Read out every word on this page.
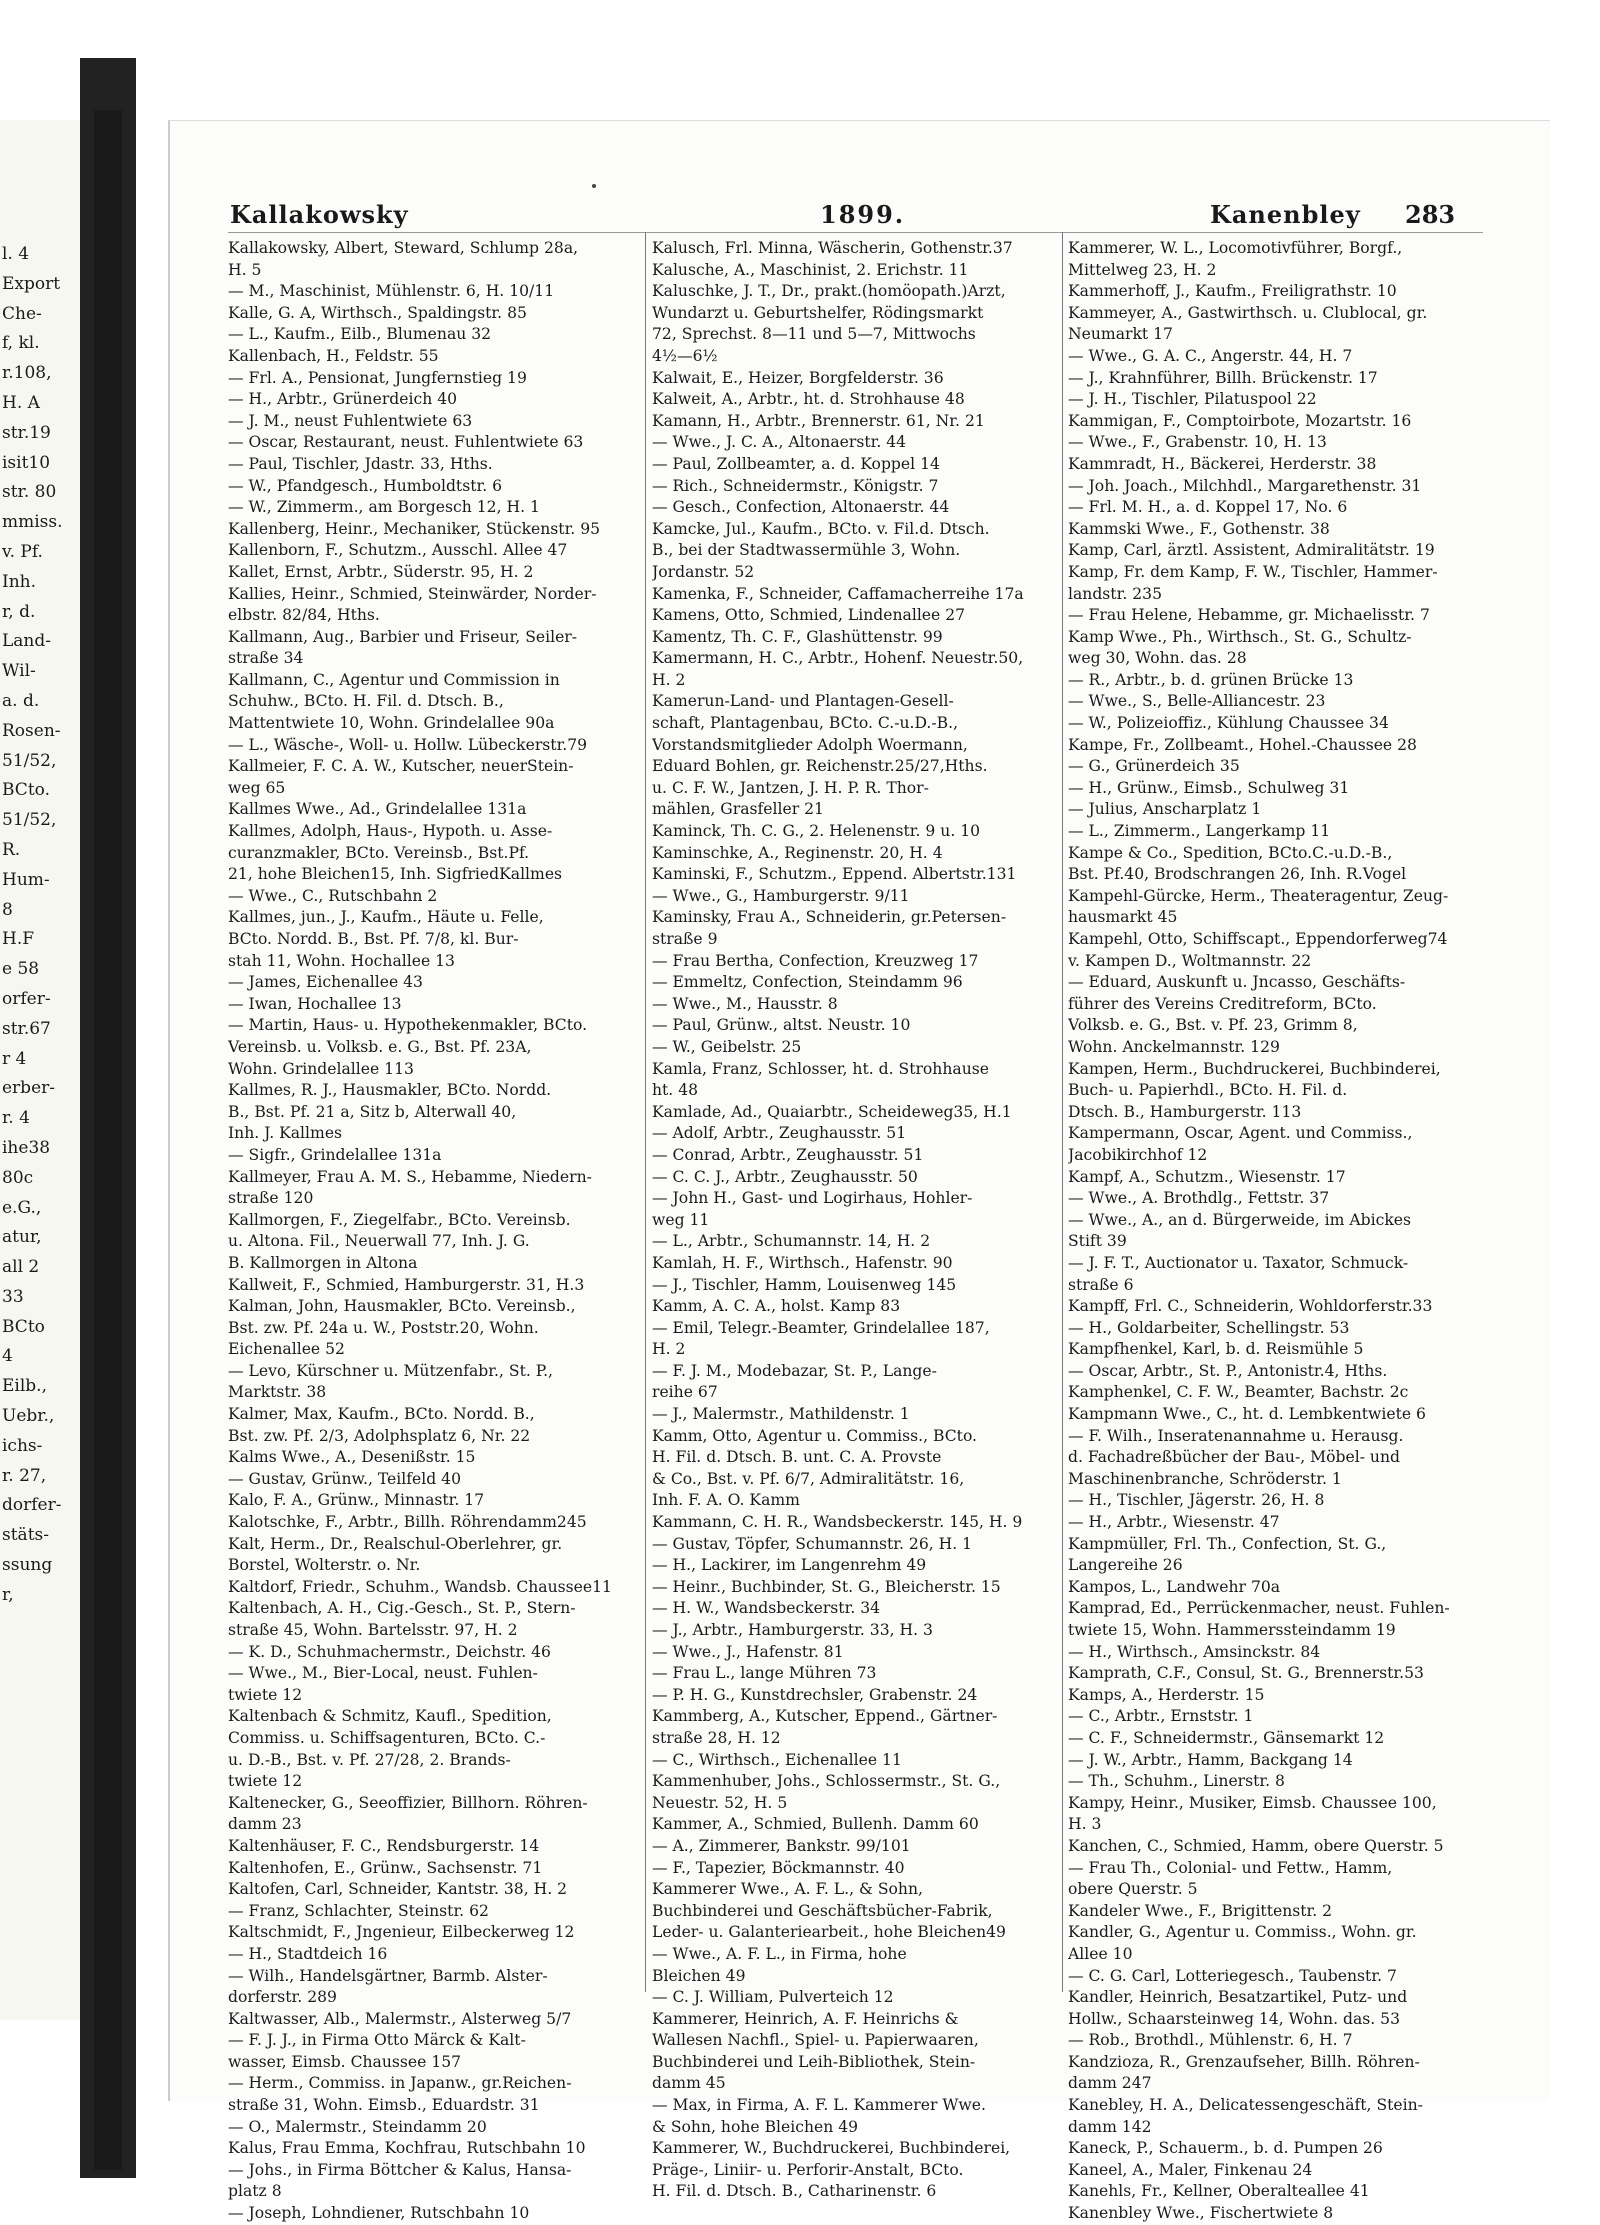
l. 4
Export
Che-
f, kl.
r.108,
H. A
str.19
isit10
str. 80
mmiss.
v. Pf.
Inh.
r, d.
Land-
Wil-
a. d.
Rosen-
51/52,
BCto.
51/52,
R.
Hum-
8
H.F
e 58
orfer-
str.67
r 4
erber-
r. 4
ihe38
80c
e.G.,
atur,
all 2
33
BCto
4
Eilb.,
Uebr.,
ichs-
r. 27,
dorfer-
stäts-
ssung
r,
Kallakowsky	1899.	Kanenbley 283
Kallakowsky, Albert, Steward, Schlump 28a,
H. 5
— M., Maschinist, Mühlenstr. 6, H. 10/11
Kalle, G. A, Wirthsch., Spaldingstr. 85
— L., Kaufm., Eilb., Blumenau 32
Kallenbach, H., Feldstr. 55
— Frl. A., Pensionat, Jungfernstieg 19
— H., Arbtr., Grünerdeich 40
— J. M., neust Fuhlentwiete 63
— Oscar, Restaurant, neust. Fuhlentwiete 63
— Paul, Tischler, Jdastr. 33, Hths.
— W., Pfandgesch., Humboldtstr. 6
— W., Zimmerm., am Borgesch 12, H. 1
Kallenberg, Heinr., Mechaniker, Stückenstr. 95
Kallenborn, F., Schutzm., Ausschl. Allee 47
Kallet, Ernst, Arbtr., Süderstr. 95, H. 2
Kallies, Heinr., Schmied, Steinwärder, Norder-
elbstr. 82/84, Hths.
Kallmann, Aug., Barbier und Friseur, Seiler-
straße 34
Kallmann, C., Agentur und Commission in
Schuhw., BCto. H. Fil. d. Dtsch. B.,
Mattentwiete 10, Wohn. Grindelallee 90a
— L., Wäsche-, Woll- u. Hollw. Lübeckerstr.79
Kallmeier, F. C. A. W., Kutscher, neuerStein-
weg 65
Kallmes Wwe., Ad., Grindelallee 131a
Kallmes, Adolph, Haus-, Hypoth. u. Asse-
curanzmakler, BCto. Vereinsb., Bst.Pf.
21, hohe Bleichen15, Inh. SigfriedKallmes
— Wwe., C., Rutschbahn 2
Kallmes, jun., J., Kaufm., Häute u. Felle,
BCto. Nordd. B., Bst. Pf. 7/8, kl. Bur-
stah 11, Wohn. Hochallee 13
— James, Eichenallee 43
— Iwan, Hochallee 13
— Martin, Haus- u. Hypothekenmakler, BCto.
Vereinsb. u. Volksb. e. G., Bst. Pf. 23A,
Wohn. Grindelallee 113
Kallmes, R. J., Hausmakler, BCto. Nordd.
B., Bst. Pf. 21 a, Sitz b, Alterwall 40,
Inh. J. Kallmes
— Sigfr., Grindelallee 131a
Kallmeyer, Frau A. M. S., Hebamme, Niedern-
straße 120
Kallmorgen, F., Ziegelfabr., BCto. Vereinsb.
u. Altona. Fil., Neuerwall 77, Inh. J. G.
B. Kallmorgen in Altona
Kallweit, F., Schmied, Hamburgerstr. 31, H.3
Kalman, John, Hausmakler, BCto. Vereinsb.,
Bst. zw. Pf. 24a u. W., Poststr.20, Wohn.
Eichenallee 52
— Levo, Kürschner u. Mützenfabr., St. P.,
Marktstr. 38
Kalmer, Max, Kaufm., BCto. Nordd. B.,
Bst. zw. Pf. 2/3, Adolphsplatz 6, Nr. 22
Kalms Wwe., A., Desenißstr. 15
— Gustav, Grünw., Teilfeld 40
Kalo, F. A., Grünw., Minnastr. 17
Kalotschke, F., Arbtr., Billh. Röhrendamm245
Kalt, Herm., Dr., Realschul-Oberlehrer, gr.
Borstel, Wolterstr. o. Nr.
Kaltdorf, Friedr., Schuhm., Wandsb. Chaussee11
Kaltenbach, A. H., Cig.-Gesch., St. P., Stern-
straße 45, Wohn. Bartelsstr. 97, H. 2
— K. D., Schuhmachermstr., Deichstr. 46
— Wwe., M., Bier-Local, neust. Fuhlen-
twiete 12
Kaltenbach & Schmitz, Kaufl., Spedition,
Commiss. u. Schiffsagenturen, BCto. C.-
u. D.-B., Bst. v. Pf. 27/28, 2. Brands-
twiete 12
Kaltenecker, G., Seeoffizier, Billhorn. Röhren-
damm 23
Kaltenhäuser, F. C., Rendsburgerstr. 14
Kaltenhofen, E., Grünw., Sachsenstr. 71
Kaltofen, Carl, Schneider, Kantstr. 38, H. 2
— Franz, Schlachter, Steinstr. 62
Kaltschmidt, F., Jngenieur, Eilbeckerweg 12
— H., Stadtdeich 16
— Wilh., Handelsgärtner, Barmb. Alster-
dorferstr. 289
Kaltwasser, Alb., Malermstr., Alsterweg 5/7
— F. J. J., in Firma Otto Märck & Kalt-
wasser, Eimsb. Chaussee 157
— Herm., Commiss. in Japanw., gr.Reichen-
straße 31, Wohn. Eimsb., Eduardstr. 31
— O., Malermstr., Steindamm 20
Kalus, Frau Emma, Kochfrau, Rutschbahn 10
— Johs., in Firma Böttcher & Kalus, Hansa-
platz 8
— Joseph, Lohndiener, Rutschbahn 10
Kalusch, Frl. Minna, Wäscherin, Gothenstr.37
Kalusche, A., Maschinist, 2. Erichstr. 11
Kaluschke, J. T., Dr., prakt.(homöopath.)Arzt,
Wundarzt u. Geburtshelfer, Rödingsmarkt
72, Sprechst. 8—11 und 5—7, Mittwochs
4½—6½
Kalwait, E., Heizer, Borgfelderstr. 36
Kalweit, A., Arbtr., ht. d. Strohhause 48
Kamann, H., Arbtr., Brennerstr. 61, Nr. 21
— Wwe., J. C. A., Altonaerstr. 44
— Paul, Zollbeamter, a. d. Koppel 14
— Rich., Schneidermstr., Königstr. 7
— Gesch., Confection, Altonaerstr. 44
Kamcke, Jul., Kaufm., BCto. v. Fil.d. Dtsch.
B., bei der Stadtwassermühle 3, Wohn.
Jordanstr. 52
Kamenka, F., Schneider, Caffamacherreihe 17a
Kamens, Otto, Schmied, Lindenallee 27
Kamentz, Th. C. F., Glashüttenstr. 99
Kamermann, H. C., Arbtr., Hohenf. Neuestr.50,
H. 2
Kamerun-Land- und Plantagen-Gesell-
schaft, Plantagenbau, BCto. C.-u.D.-B.,
Vorstandsmitglieder Adolph Woermann,
Eduard Bohlen, gr. Reichenstr.25/27,Hths.
u. C. F. W., Jantzen, J. H. P. R. Thor-
mählen, Grasfeller 21
Kaminck, Th. C. G., 2. Helenenstr. 9 u. 10
Kaminschke, A., Reginenstr. 20, H. 4
Kaminski, F., Schutzm., Eppend. Albertstr.131
— Wwe., G., Hamburgerstr. 9/11
Kaminsky, Frau A., Schneiderin, gr.Petersen-
straße 9
— Frau Bertha, Confection, Kreuzweg 17
— Emmeltz, Confection, Steindamm 96
— Wwe., M., Hausstr. 8
— Paul, Grünw., altst. Neustr. 10
— W., Geibelstr. 25
Kamla, Franz, Schlosser, ht. d. Strohhause
ht. 48
Kamlade, Ad., Quaiarbtr., Scheideweg35, H.1
— Adolf, Arbtr., Zeughausstr. 51
— Conrad, Arbtr., Zeughausstr. 51
— C. C. J., Arbtr., Zeughausstr. 50
— John H., Gast- und Logirhaus, Hohler-
weg 11
— L., Arbtr., Schumannstr. 14, H. 2
Kamlah, H. F., Wirthsch., Hafenstr. 90
— J., Tischler, Hamm, Louisenweg 145
Kamm, A. C. A., holst. Kamp 83
— Emil, Telegr.-Beamter, Grindelallee 187,
H. 2
— F. J. M., Modebazar, St. P., Lange-
reihe 67
— J., Malermstr., Mathildenstr. 1
Kamm, Otto, Agentur u. Commiss., BCto.
H. Fil. d. Dtsch. B. unt. C. A. Provste
& Co., Bst. v. Pf. 6/7, Admiralitätstr. 16,
Inh. F. A. O. Kamm
Kammann, C. H. R., Wandsbeckerstr. 145, H. 9
— Gustav, Töpfer, Schumannstr. 26, H. 1
— H., Lackirer, im Langenrehm 49
— Heinr., Buchbinder, St. G., Bleicherstr. 15
— H. W., Wandsbeckerstr. 34
— J., Arbtr., Hamburgerstr. 33, H. 3
— Wwe., J., Hafenstr. 81
— Frau L., lange Mühren 73
— P. H. G., Kunstdrechsler, Grabenstr. 24
Kammberg, A., Kutscher, Eppend., Gärtner-
straße 28, H. 12
— C., Wirthsch., Eichenallee 11
Kammenhuber, Johs., Schlossermstr., St. G.,
Neuestr. 52, H. 5
Kammer, A., Schmied, Bullenh. Damm 60
— A., Zimmerer, Bankstr. 99/101
— F., Tapezier, Böckmannstr. 40
Kammerer Wwe., A. F. L., & Sohn,
Buchbinderei und Geschäftsbücher-Fabrik,
Leder- u. Galanteriearbeit., hohe Bleichen49
— Wwe., A. F. L., in Firma, hohe
Bleichen 49
— C. J. William, Pulverteich 12
Kammerer, Heinrich, A. F. Heinrichs &
Wallesen Nachfl., Spiel- u. Papierwaaren,
Buchbinderei und Leih-Bibliothek, Stein-
damm 45
— Max, in Firma, A. F. L. Kammerer Wwe.
& Sohn, hohe Bleichen 49
Kammerer, W., Buchdruckerei, Buchbinderei,
Präge-, Liniir- u. Perforir-Anstalt, BCto.
H. Fil. d. Dtsch. B., Catharinenstr. 6
Kammerer, W. L., Locomotivführer, Borgf.,
Mittelweg 23, H. 2
Kammerhoff, J., Kaufm., Freiligrathstr. 10
Kammeyer, A., Gastwirthsch. u. Clublocal, gr.
Neumarkt 17
— Wwe., G. A. C., Angerstr. 44, H. 7
— J., Krahnführer, Billh. Brückenstr. 17
— J. H., Tischler, Pilatuspool 22
Kammigan, F., Comptoirbote, Mozartstr. 16
— Wwe., F., Grabenstr. 10, H. 13
Kammradt, H., Bäckerei, Herderstr. 38
— Joh. Joach., Milchhdl., Margarethenstr. 31
— Frl. M. H., a. d. Koppel 17, No. 6
Kammski Wwe., F., Gothenstr. 38
Kamp, Carl, ärztl. Assistent, Admiralitätstr. 19
Kamp, Fr. dem Kamp, F. W., Tischler, Hammer-
landstr. 235
— Frau Helene, Hebamme, gr. Michaelisstr. 7
Kamp Wwe., Ph., Wirthsch., St. G., Schultz-
weg 30, Wohn. das. 28
— R., Arbtr., b. d. grünen Brücke 13
— Wwe., S., Belle-Alliancestr. 23
— W., Polizeioffiz., Kühlung Chaussee 34
Kampe, Fr., Zollbeamt., Hohel.-Chaussee 28
— G., Grünerdeich 35
— H., Grünw., Eimsb., Schulweg 31
— Julius, Anscharplatz 1
— L., Zimmerm., Langerkamp 11
Kampe & Co., Spedition, BCto.C.-u.D.-B.,
Bst. Pf.40, Brodschrangen 26, Inh. R.Vogel
Kampehl-Gürcke, Herm., Theateragentur, Zeug-
hausmarkt 45
Kampehl, Otto, Schiffscapt., Eppendorferweg74
v. Kampen D., Woltmannstr. 22
— Eduard, Auskunft u. Jncasso, Geschäfts-
führer des Vereins Creditreform, BCto.
Volksb. e. G., Bst. v. Pf. 23, Grimm 8,
Wohn. Anckelmannstr. 129
Kampen, Herm., Buchdruckerei, Buchbinderei,
Buch- u. Papierhdl., BCto. H. Fil. d.
Dtsch. B., Hamburgerstr. 113
Kampermann, Oscar, Agent. und Commiss.,
Jacobikirchhof 12
Kampf, A., Schutzm., Wiesenstr. 17
— Wwe., A. Brothdlg., Fettstr. 37
— Wwe., A., an d. Bürgerweide, im Abickes
Stift 39
— J. F. T., Auctionator u. Taxator, Schmuck-
straße 6
Kampff, Frl. C., Schneiderin, Wohldorferstr.33
— H., Goldarbeiter, Schellingstr. 53
Kampfhenkel, Karl, b. d. Reismühle 5
— Oscar, Arbtr., St. P., Antonistr.4, Hths.
Kamphenkel, C. F. W., Beamter, Bachstr. 2c
Kampmann Wwe., C., ht. d. Lembkentwiete 6
— F. Wilh., Inseratenannahme u. Herausg.
d. Fachadreßbücher der Bau-, Möbel- und
Maschinenbranche, Schröderstr. 1
— H., Tischler, Jägerstr. 26, H. 8
— H., Arbtr., Wiesenstr. 47
Kampmüller, Frl. Th., Confection, St. G.,
Langereihe 26
Kampos, L., Landwehr 70a
Kamprad, Ed., Perrückenmacher, neust. Fuhlen-
twiete 15, Wohn. Hammerssteindamm 19
— H., Wirthsch., Amsinckstr. 84
Kamprath, C.F., Consul, St. G., Brennerstr.53
Kamps, A., Herderstr. 15
— C., Arbtr., Ernststr. 1
— C. F., Schneidermstr., Gänsemarkt 12
— J. W., Arbtr., Hamm, Backgang 14
— Th., Schuhm., Linerstr. 8
Kampy, Heinr., Musiker, Eimsb. Chaussee 100,
H. 3
Kanchen, C., Schmied, Hamm, obere Querstr. 5
— Frau Th., Colonial- und Fettw., Hamm,
obere Querstr. 5
Kandeler Wwe., F., Brigittenstr. 2
Kandler, G., Agentur u. Commiss., Wohn. gr.
Allee 10
— C. G. Carl, Lotteriegesch., Taubenstr. 7
Kandler, Heinrich, Besatzartikel, Putz- und
Hollw., Schaarsteinweg 14, Wohn. das. 53
— Rob., Brothdl., Mühlenstr. 6, H. 7
Kandzioza, R., Grenzaufseher, Billh. Röhren-
damm 247
Kanebley, H. A., Delicatessengeschäft, Stein-
damm 142
Kaneck, P., Schauerm., b. d. Pumpen 26
Kaneel, A., Maler, Finkenau 24
Kanehls, Fr., Kellner, Oberalteallee 41
Kanenbley Wwe., Fischertwiete 8
